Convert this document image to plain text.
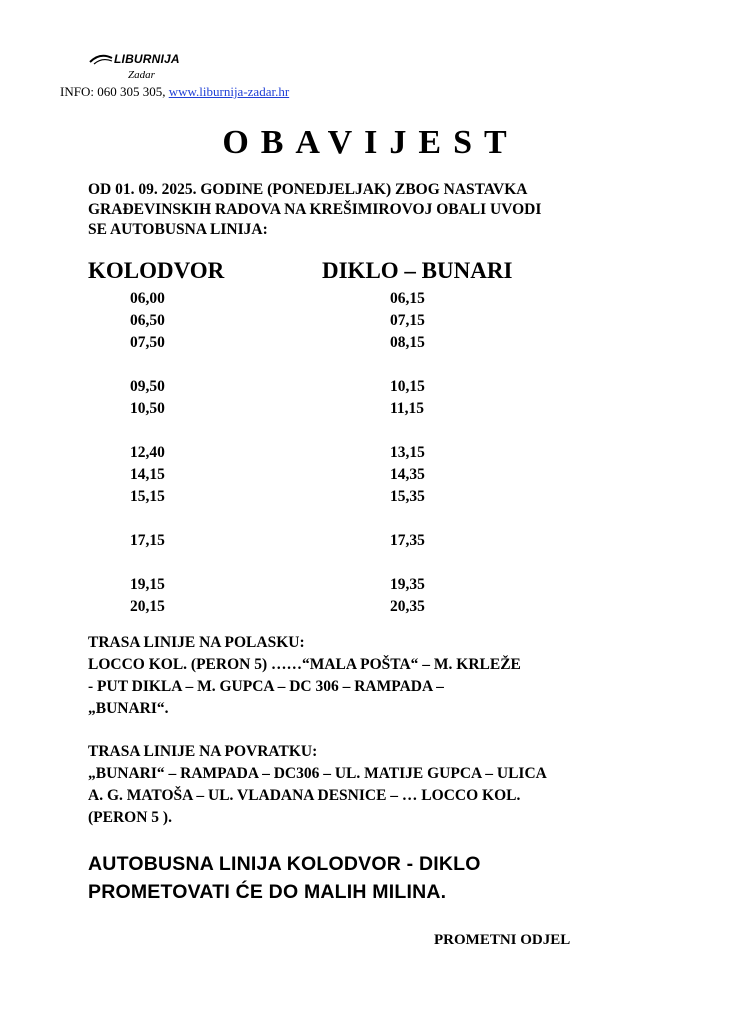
LIBURNIJA
Zadar
INFO: 060 305 305, www.liburnija-zadar.hr
OBAVIJEST
OD 01. 09. 2025. GODINE (PONEDJELJAK) ZBOG NASTAVKA
GRAĐEVINSKIH RADOVA NA KREŠIMIROVOJ OBALI UVODI
SE AUTOBUSNA LINIJA:
KOLODVOR	DIKLO – BUNARI
06,00
06,50
07,50
09,50
10,50
12,40
14,15
15,15
17,15
19,15
20,15
06,15
07,15
08,15
10,15
11,15
13,15
14,35
15,35
17,35
19,35
20,35
TRASA LINIJE NA POLASKU:
LOCCO KOL. (PERON 5) ……“MALA POŠTA“ – M. KRLEŽE
- PUT DIKLA – M. GUPCA – DC 306 – RAMPADA –
„BUNARI“.
TRASA LINIJE NA POVRATKU:
„BUNARI“ – RAMPADA – DC306 – UL. MATIJE GUPCA – ULICA
A. G. MATOŠA – UL. VLADANA DESNICE – … LOCCO KOL.
(PERON 5 ).
AUTOBUSNA LINIJA KOLODVOR - DIKLO
PROMETOVATI ĆE DO MALIH MILINA.
PROMETNI ODJEL
